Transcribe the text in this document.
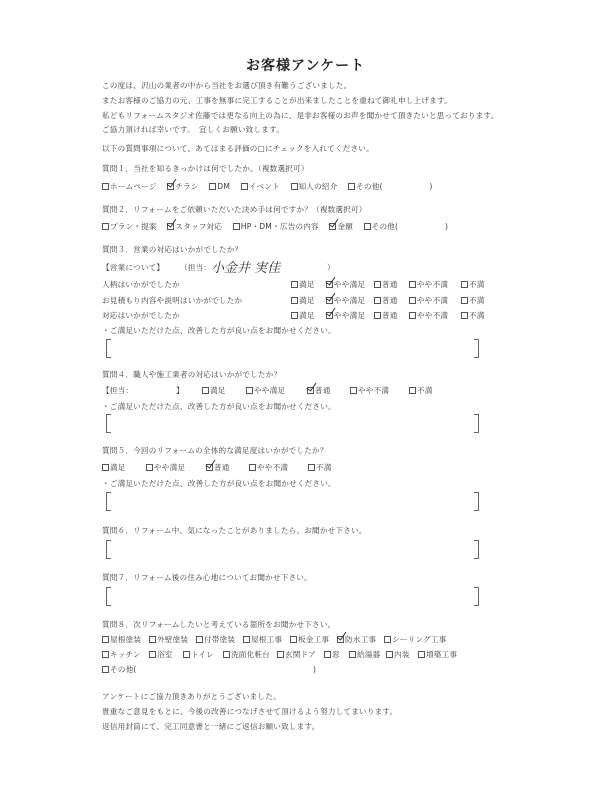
お客様アンケート
この度は、沢山の業者の中から当社をお選び頂き有難うございました。
またお客様のご協力の元、工事を無事に完工することが出来ましたことを重ねて御礼申し上げます。
私どもリフォームスタジオ佐藤では更なる向上の為に、是非お客様のお声を聞かせて頂きたいと思っております。
ご協力頂ければ幸いです。　宜しくお願い致します。
以下の質問事項について、あてはまる評価の□にチェックを入れてください。
質問１．当社を知るきっかけは何でしたか。（複数選択可）
ホームページ チラシ DM イベント 知人の紹介 その他(　　　　　　)
質問２．リフォームをご依頼いただいた決め手は何ですか？（複数選択可）
プラン・提案 スタッフ対応 HP・DM・広告の内容 金額 その他(　　　　　　)
質問３．営業の対応はいかがでしたか？
【営業について】 （担当： 小金井 実佳	）
人柄はいかがでしたか	満足	やや満足	普通	やや不満	不満
お見積もり内容や説明はいかがでしたか	満足	やや満足	普通	やや不満	不満
対応はいかがでしたか	満足	やや満足	普通	やや不満	不満
・ご満足いただけた点、改善した方が良い点をお聞かせください。
質問４．職人や施工業者の対応はいかがでしたか？
【担当：　　　　　　】	満足	やや満足	普通	やや不満	不満
・ご満足いただけた点、改善した方が良い点をお聞かせください。
質問５．今回のリフォームの全体的な満足度はいかがでしたか？
満足	やや満足	普通	やや不満	不満
・ご満足いただけた点、改善した方が良い点をお聞かせください。
質問６．リフォーム中、気になったことがありましたら、お聞かせ下さい。
質問７．リフォーム後の住み心地についてお聞かせ下さい。
質問８．次リフォームしたいと考えている箇所をお聞かせ下さい。
屋根塗装	外壁塗装	付帯塗装	屋根工事	板金工事	防水工事	シーリング工事
キッチン	浴室	トイレ	洗面化粧台	玄関ドア	窓	給湯器	内装	増築工事
その他(	)
アンケートにご協力頂きありがとうございました。
貴重なご意見をもとに、今後の改善につなげさせて頂けるよう努力してまいります。
返信用封筒にて、完工同意書と一緒にご返信お願い致します。
